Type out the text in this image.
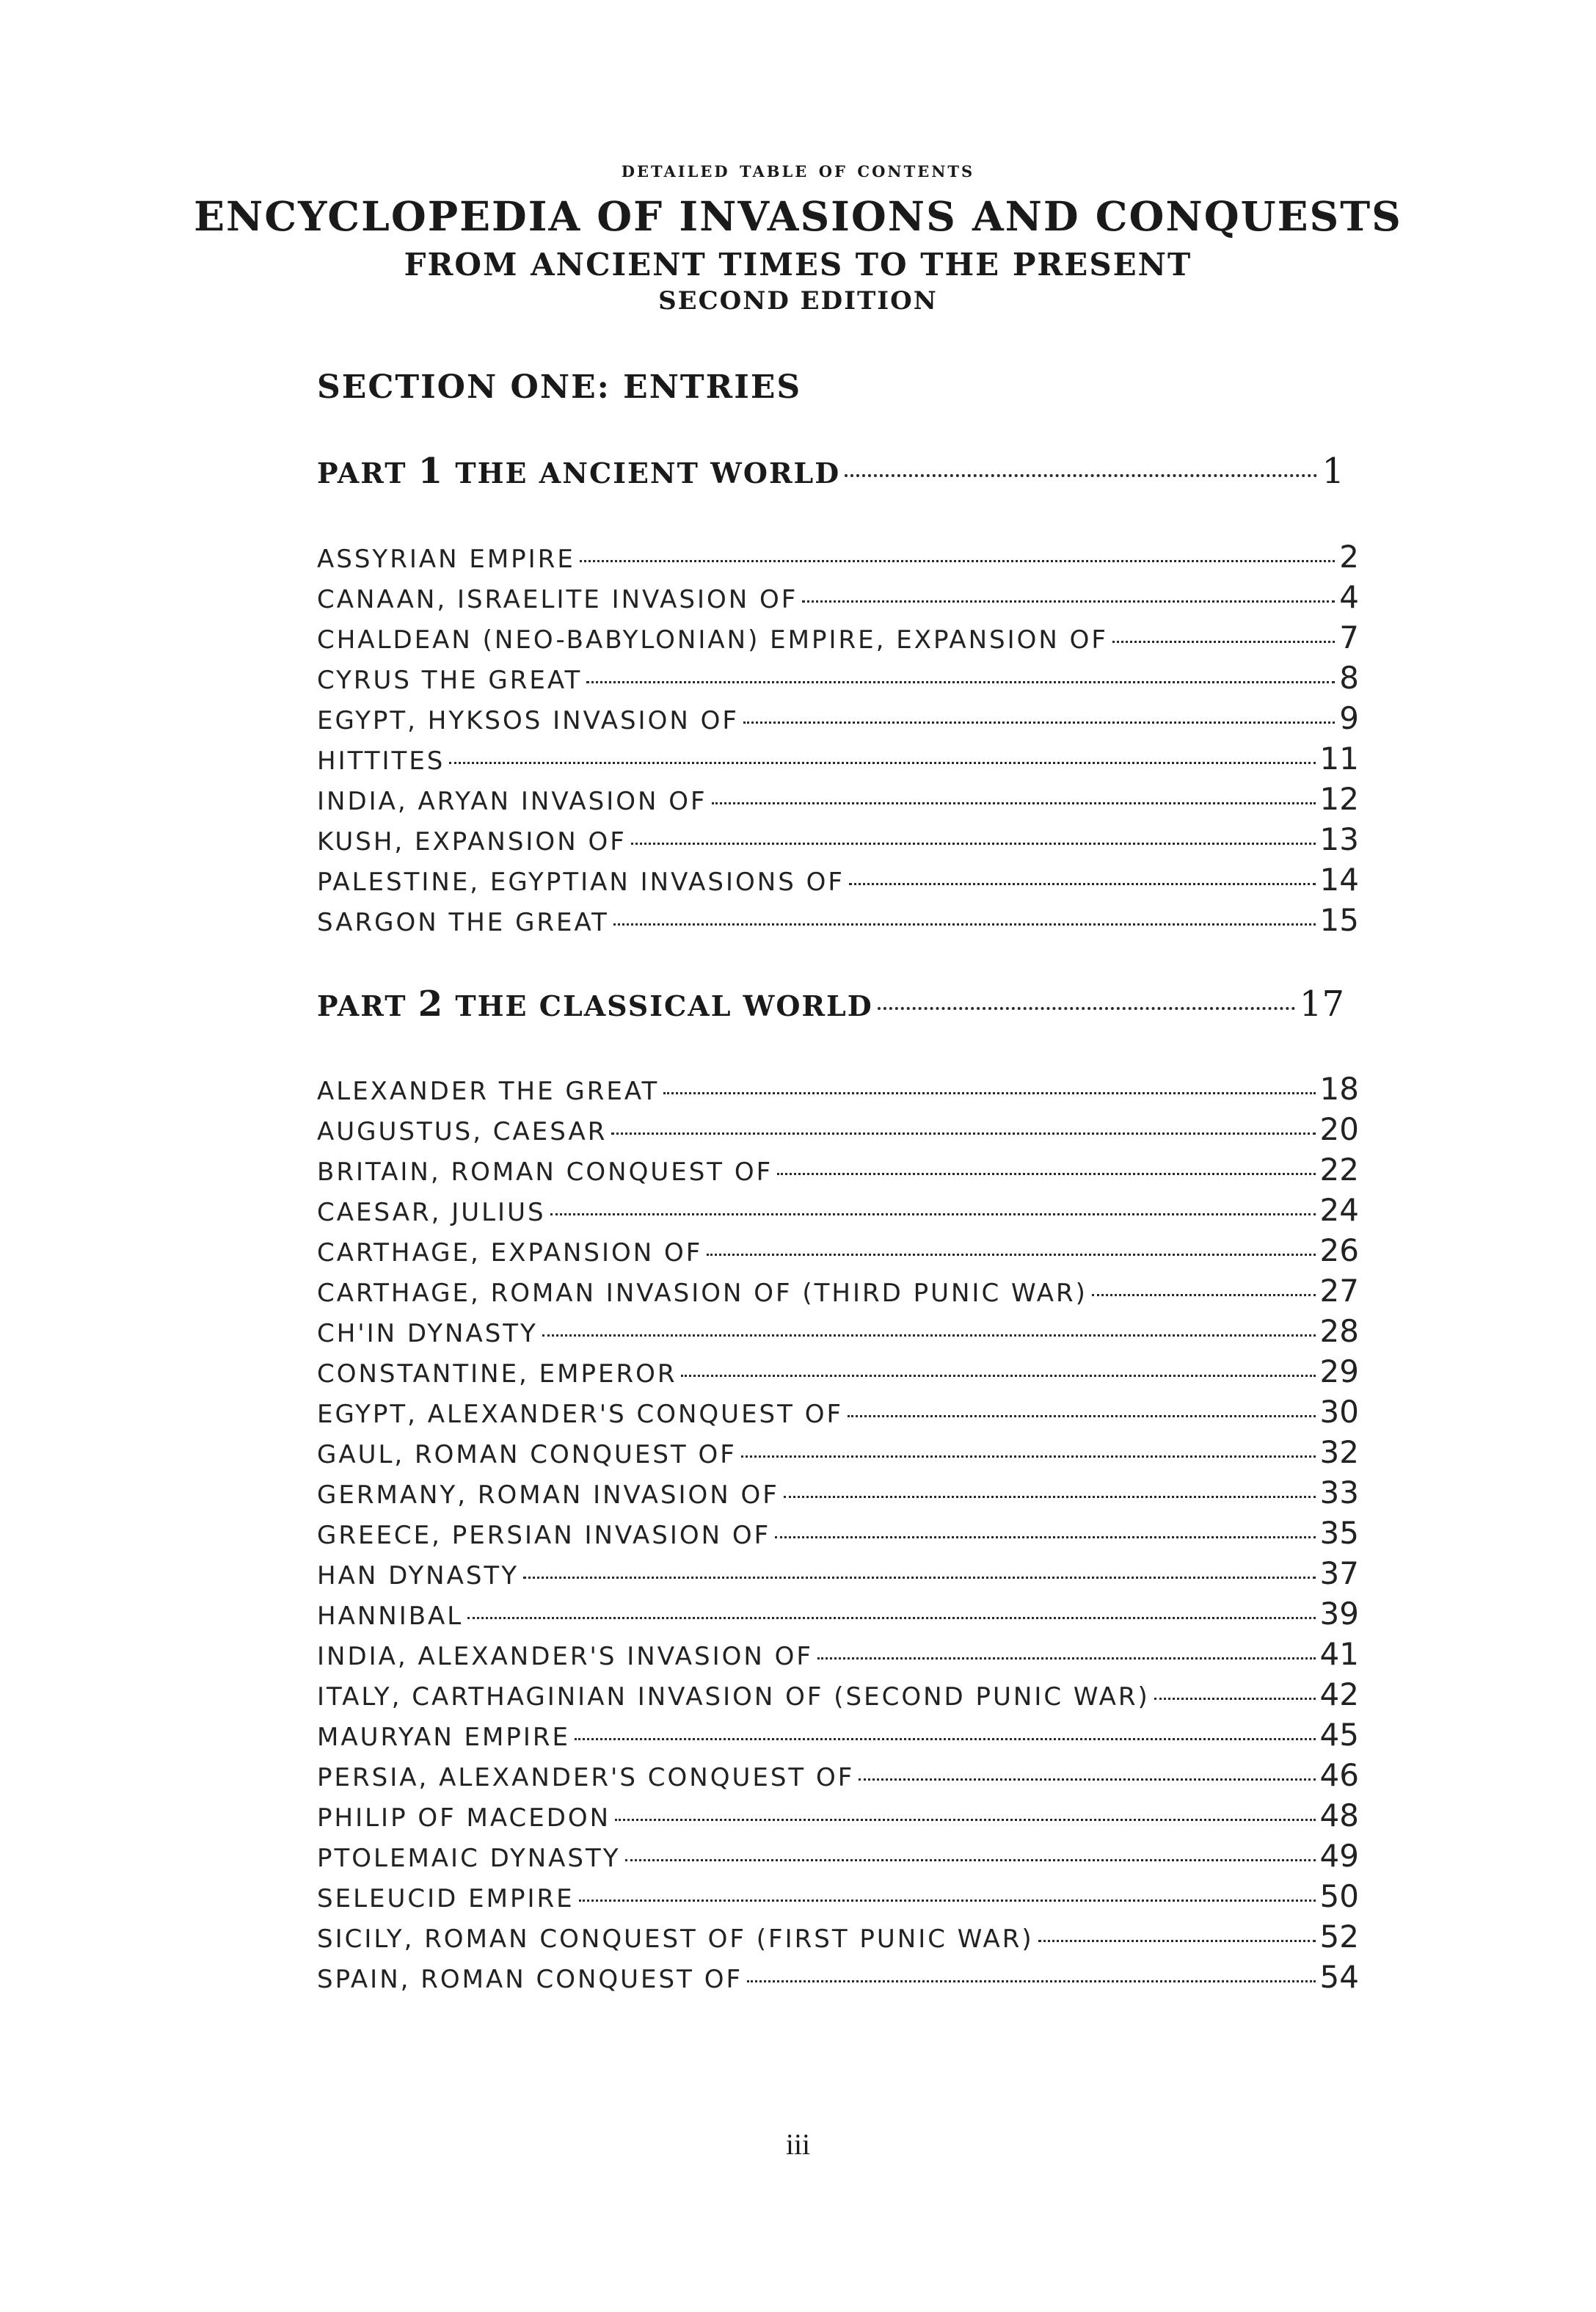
detailed table of contents
ENCYCLOPEDIA OF INVASIONS AND CONQUESTS
FROM ANCIENT TIMES TO THE PRESENT
SECOND EDITION
SECTION ONE: ENTRIES
PART 1 THE ANCIENT WORLD	1
ASSYRIAN EMPIRE	2
CANAAN, ISRAELITE INVASION OF	4
CHALDEAN (NEO-BABYLONIAN) EMPIRE, EXPANSION OF	7
CYRUS THE GREAT	8
EGYPT, HYKSOS INVASION OF	9
HITTITES	11
INDIA, ARYAN INVASION OF	12
KUSH, EXPANSION OF	13
PALESTINE, EGYPTIAN INVASIONS OF	14
SARGON THE GREAT	15
PART 2 THE CLASSICAL WORLD	17
ALEXANDER THE GREAT	18
AUGUSTUS, CAESAR	20
BRITAIN, ROMAN CONQUEST OF	22
CAESAR, JULIUS	24
CARTHAGE, EXPANSION OF	26
CARTHAGE, ROMAN INVASION OF (THIRD PUNIC WAR)	27
CH'IN DYNASTY	28
CONSTANTINE, EMPEROR	29
EGYPT, ALEXANDER'S CONQUEST OF	30
GAUL, ROMAN CONQUEST OF	32
GERMANY, ROMAN INVASION OF	33
GREECE, PERSIAN INVASION OF	35
HAN DYNASTY	37
HANNIBAL	39
INDIA, ALEXANDER'S INVASION OF	41
ITALY, CARTHAGINIAN INVASION OF (SECOND PUNIC WAR)	42
MAURYAN EMPIRE	45
PERSIA, ALEXANDER'S CONQUEST OF	46
PHILIP OF MACEDON	48
PTOLEMAIC DYNASTY	49
SELEUCID EMPIRE	50
SICILY, ROMAN CONQUEST OF (FIRST PUNIC WAR)	52
SPAIN, ROMAN CONQUEST OF	54
iii
